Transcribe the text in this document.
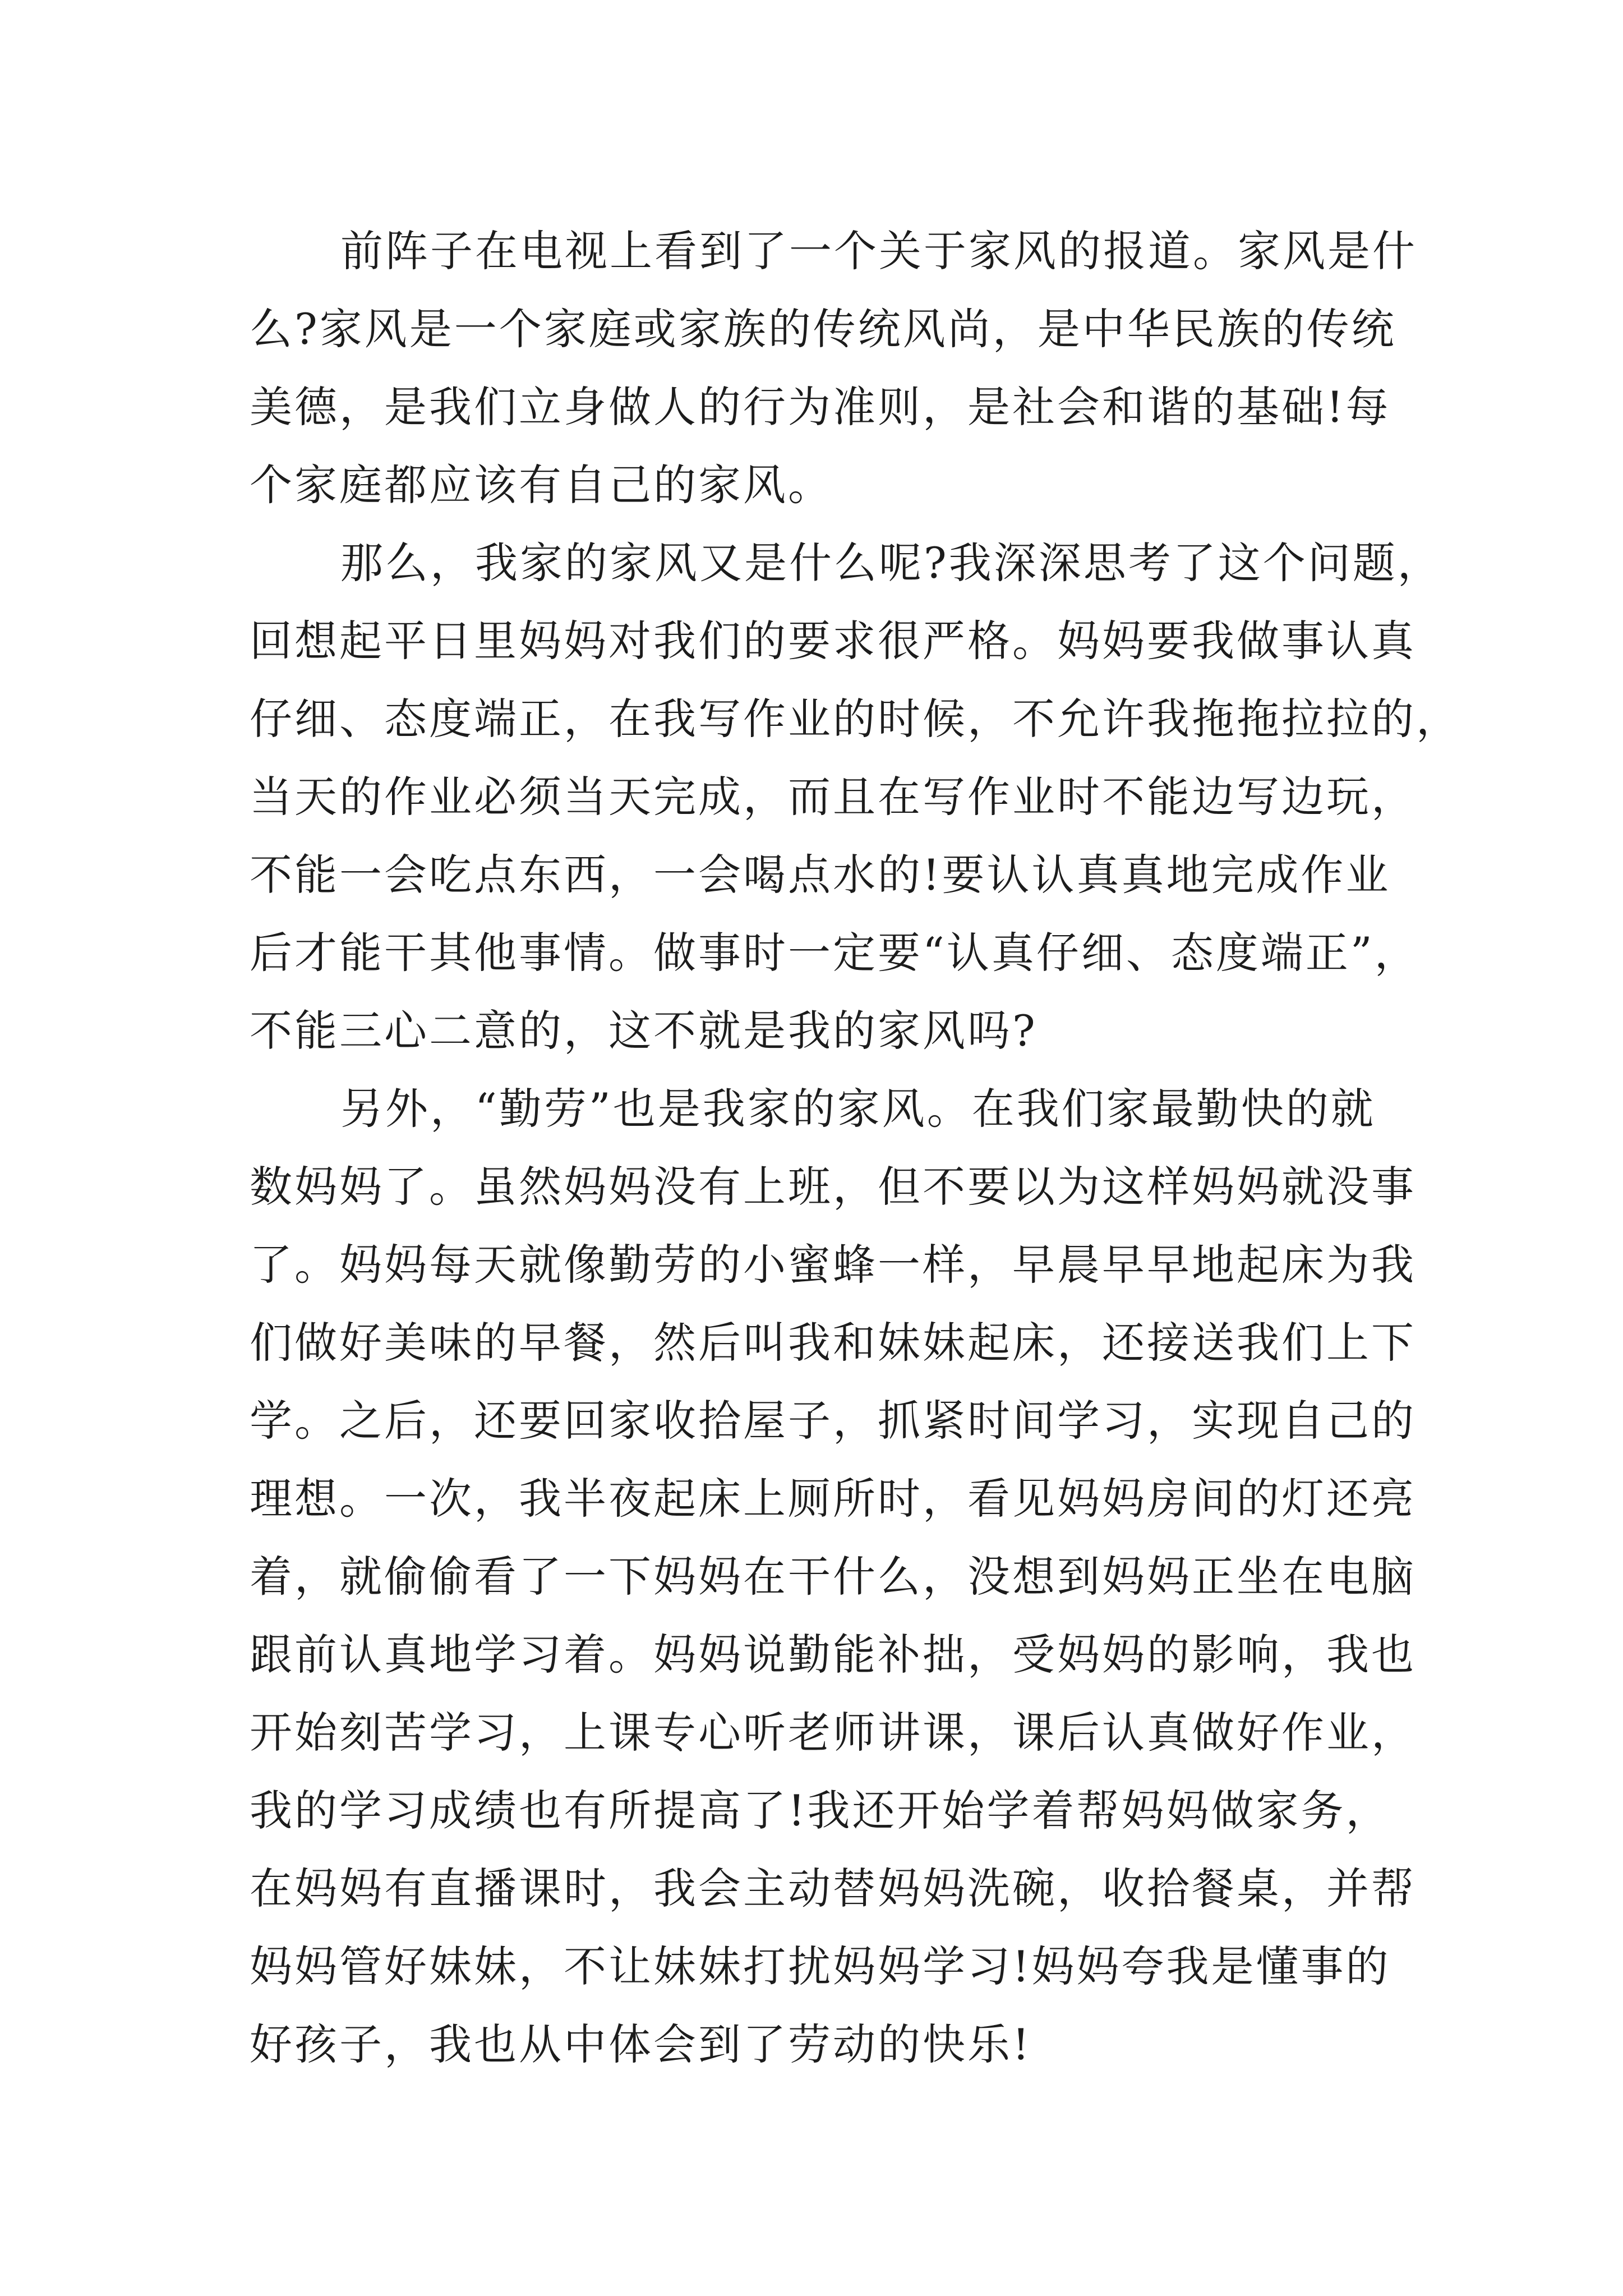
前阵子在电视上看到了一个关于家风的报道。家风是什
么?家风是一个家庭或家族的传统风尚，是中华民族的传统
美德，是我们立身做人的行为准则，是社会和谐的基础!每
个家庭都应该有自己的家风。
那么，我家的家风又是什么呢?我深深思考了这个问题，
回想起平日里妈妈对我们的要求很严格。妈妈要我做事认真
仔细、态度端正，在我写作业的时候，不允许我拖拖拉拉的，
当天的作业必须当天完成，而且在写作业时不能边写边玩，
不能一会吃点东西，一会喝点水的!要认认真真地完成作业
后才能干其他事情。做事时一定要“认真仔细、态度端正”，
不能三心二意的，这不就是我的家风吗?
另外，“勤劳”也是我家的家风。在我们家最勤快的就
数妈妈了。虽然妈妈没有上班，但不要以为这样妈妈就没事
了。妈妈每天就像勤劳的小蜜蜂一样，早晨早早地起床为我
们做好美味的早餐，然后叫我和妹妹起床，还接送我们上下
学。之后，还要回家收拾屋子，抓紧时间学习，实现自己的
理想。一次，我半夜起床上厕所时，看见妈妈房间的灯还亮
着，就偷偷看了一下妈妈在干什么，没想到妈妈正坐在电脑
跟前认真地学习着。妈妈说勤能补拙，受妈妈的影响，我也
开始刻苦学习，上课专心听老师讲课，课后认真做好作业，
我的学习成绩也有所提高了!我还开始学着帮妈妈做家务，
在妈妈有直播课时，我会主动替妈妈洗碗，收拾餐桌，并帮
妈妈管好妹妹，不让妹妹打扰妈妈学习!妈妈夸我是懂事的
好孩子，我也从中体会到了劳动的快乐!
